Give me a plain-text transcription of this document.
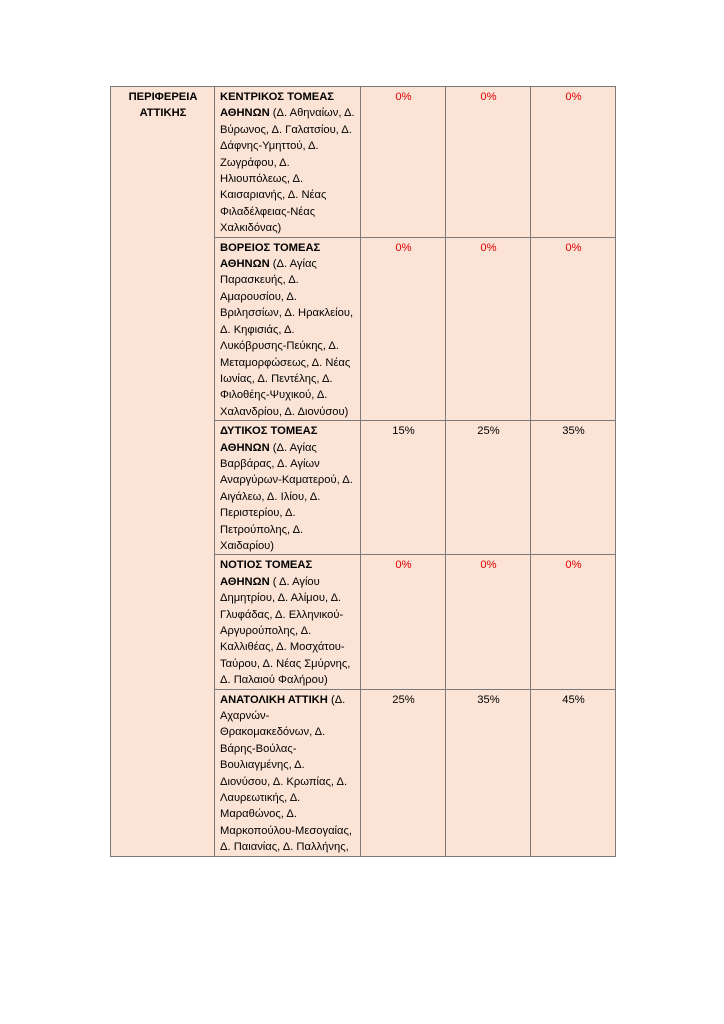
ΠΕΡΙΦΕΡΕΙΑ ΑΤΤΙΚΗΣ	ΚΕΝΤΡΙΚΟΣ ΤΟΜΕΑΣ ΑΘΗΝΩΝ (Δ. Αθηναίων, Δ. Βύρωνος, Δ. Γαλατσίου, Δ. Δάφνης-Υμηττού, Δ. Ζωγράφου, Δ. Ηλιουπόλεως, Δ. Καισαριανής, Δ. Νέας Φιλαδέλφειας-Νέας Χαλκιδόνας)	0%	0%	0%
	ΒΟΡΕΙΟΣ ΤΟΜΕΑΣ ΑΘΗΝΩΝ (Δ. Αγίας Παρασκευής, Δ. Αμαρουσίου, Δ. Βριλησσίων, Δ. Ηρακλείου, Δ. Κηφισιάς, Δ. Λυκόβρυσης-Πεύκης, Δ. Μεταμορφώσεως, Δ. Νέας Ιωνίας, Δ. Πεντέλης, Δ. Φιλοθέης-Ψυχικού, Δ. Χαλανδρίου, Δ. Διονύσου)	0%	0%	0%
	ΔΥΤΙΚΟΣ ΤΟΜΕΑΣ ΑΘΗΝΩΝ (Δ. Αγίας Βαρβάρας, Δ. Αγίων Αναργύρων-Καματερού, Δ. Αιγάλεω, Δ. Ιλίου, Δ. Περιστερίου, Δ. Πετρούπολης, Δ. Χαιδαρίου)	15%	25%	35%
	ΝΟΤΙΟΣ ΤΟΜΕΑΣ ΑΘΗΝΩΝ ( Δ. Αγίου Δημητρίου, Δ. Αλίμου, Δ. Γλυφάδας, Δ. Ελληνικού-Αργυρούπολης, Δ. Καλλιθέας, Δ. Μοσχάτου-Ταύρου, Δ. Νέας Σμύρνης, Δ. Παλαιού Φαλήρου)	0%	0%	0%
	ΑΝΑΤΟΛΙΚΗ ΑΤΤΙΚΗ (Δ. Αχαρνών-Θρακομακεδόνων, Δ. Βάρης-Βούλας-Βουλιαγμένης, Δ. Διονύσου, Δ. Κρωπίας, Δ. Λαυρεωτικής, Δ. Μαραθώνος, Δ. Μαρκοπούλου-Μεσογαίας, Δ. Παιανίας, Δ. Παλλήνης,	25%	35%	45%
